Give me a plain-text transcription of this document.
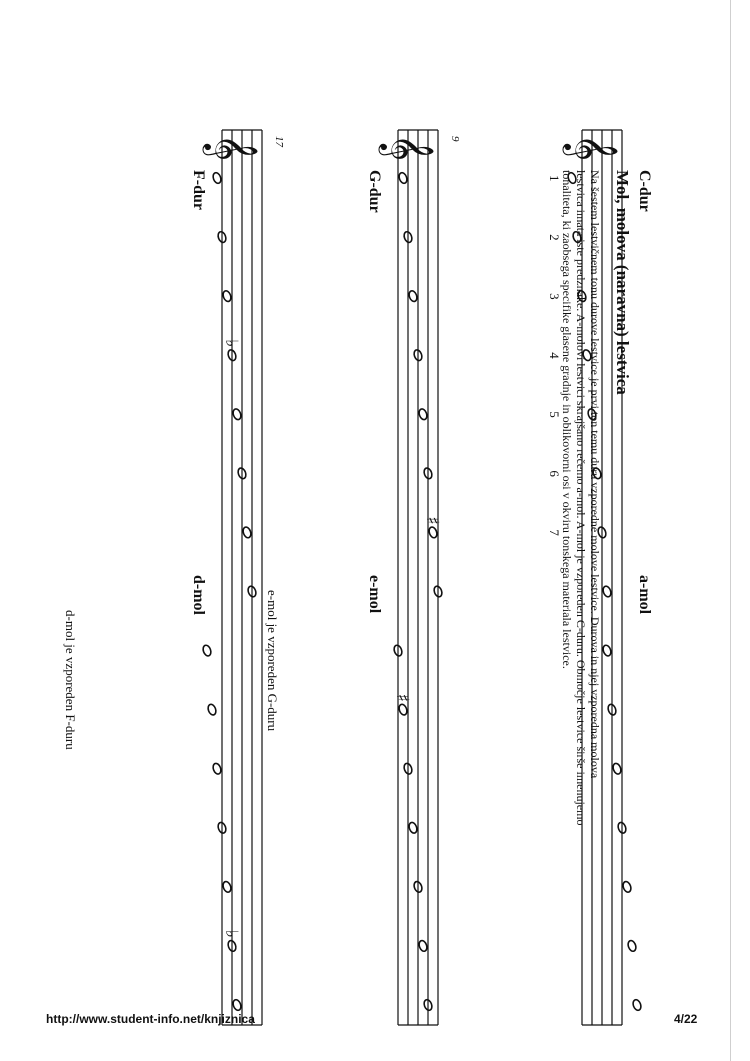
Mol, molova (naravna) lestvica

Na šestem lestvičnem tonu durove lestvice je prvi ton temu duru vzporedne molove lestvice. Durova in njej vzporedna molova

lestvica imata iste predznake. A-molovi lestvici skrajšano rečemo a-mol. A-mol je vzporeden C-duru. Območje lestvice širše imenujemo

tonaliteta, ki zaobsega specifike glasene gradnje in oblikovorni osi v okviru tonskega materiala lestvice.

𝄞
C-dur
a-mol
1
2
3
4
5
6
7
𝄞 9
G-dur
e-mol
♯
♯
𝄞 17
F-dur
d-mol
♭
♭
e-mol je vzporeden G-duru
d-mol je vzporeden F-duru
http://www.student-info.net/knjiznica	4/22
